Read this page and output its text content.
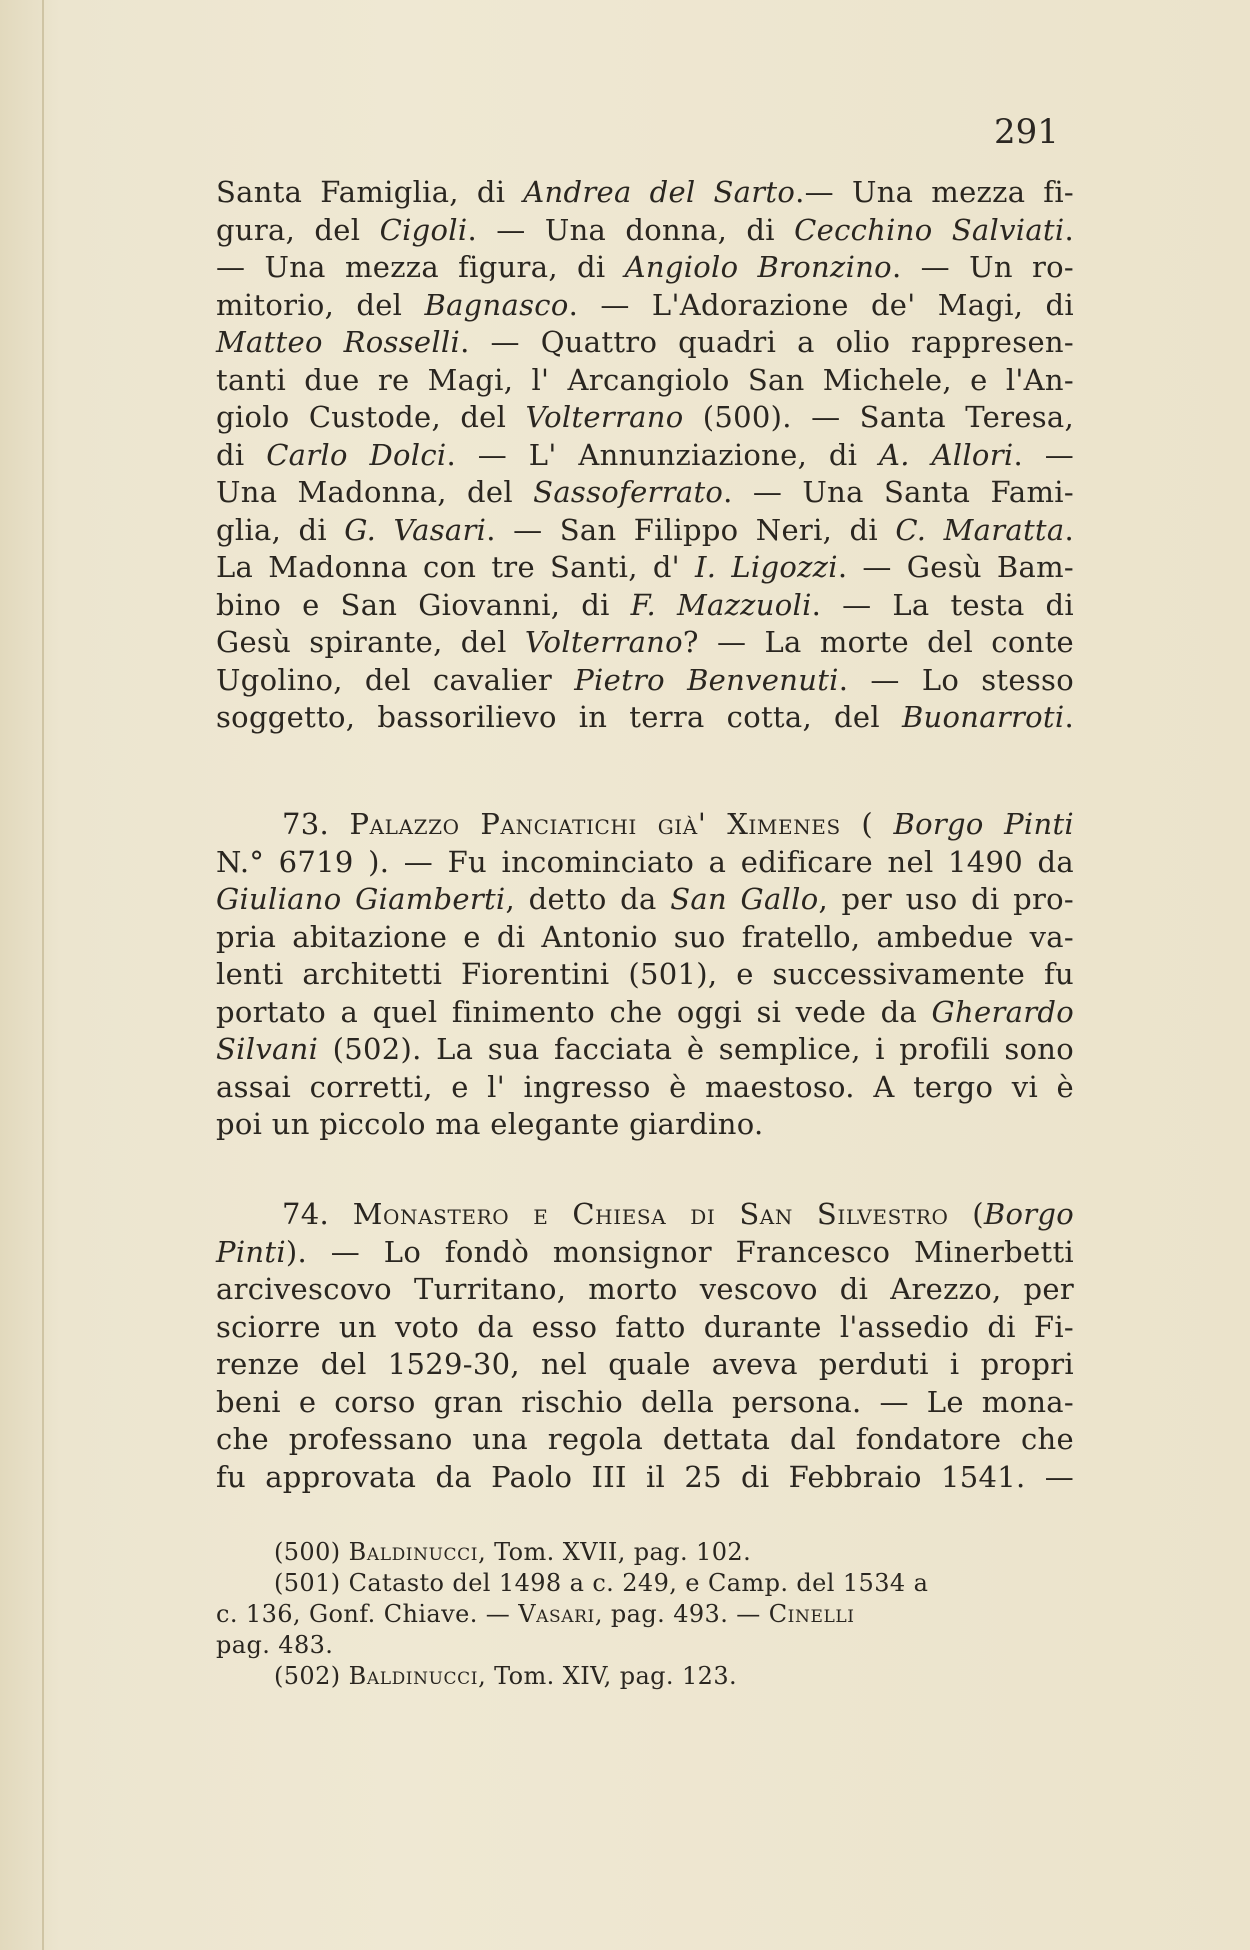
291
Santa Famiglia, di Andrea del Sarto.— Una mezza fi-
gura, del Cigoli. — Una donna, di Cecchino Salviati.
— Una mezza figura, di Angiolo Bronzino. — Un ro-
mitorio, del Bagnasco. — L'Adorazione de' Magi, di
Matteo Rosselli. — Quattro quadri a olio rappresen-
tanti due re Magi, l' Arcangiolo San Michele, e l'An-
giolo Custode, del Volterrano (500). — Santa Teresa,
di Carlo Dolci. — L' Annunziazione, di A. Allori. —
Una Madonna, del Sassoferrato. — Una Santa Fami-
glia, di G. Vasari. — San Filippo Neri, di C. Maratta.
La Madonna con tre Santi, d' I. Ligozzi. — Gesù Bam-
bino e San Giovanni, di F. Mazzuoli. — La testa di
Gesù spirante, del Volterrano? — La morte del conte
Ugolino, del cavalier Pietro Benvenuti. — Lo stesso
soggetto, bassorilievo in terra cotta, del Buonarroti.
73. Palazzo Panciatichi già' Ximenes ( Borgo Pinti
N.° 6719 ). — Fu incominciato a edificare nel 1490 da
Giuliano Giamberti, detto da San Gallo, per uso di pro-
pria abitazione e di Antonio suo fratello, ambedue va-
lenti architetti Fiorentini (501), e successivamente fu
portato a quel finimento che oggi si vede da Gherardo
Silvani (502). La sua facciata è semplice, i profili sono
assai corretti, e l' ingresso è maestoso. A tergo vi è
poi un piccolo ma elegante giardino.
74. Monastero e Chiesa di San Silvestro (Borgo
Pinti). — Lo fondò monsignor Francesco Minerbetti
arcivescovo Turritano, morto vescovo di Arezzo, per
sciorre un voto da esso fatto durante l'assedio di Fi-
renze del 1529-30, nel quale aveva perduti i propri
beni e corso gran rischio della persona. — Le mona-
che professano una regola dettata dal fondatore che
fu approvata da Paolo III il 25 di Febbraio 1541. —
(500) Baldinucci, Tom. XVII, pag. 102.
(501) Catasto del 1498 a c. 249, e Camp. del 1534 a
c. 136, Gonf. Chiave. — Vasari, pag. 493. — Cinelli
pag. 483.
(502) Baldinucci, Tom. XIV, pag. 123.
